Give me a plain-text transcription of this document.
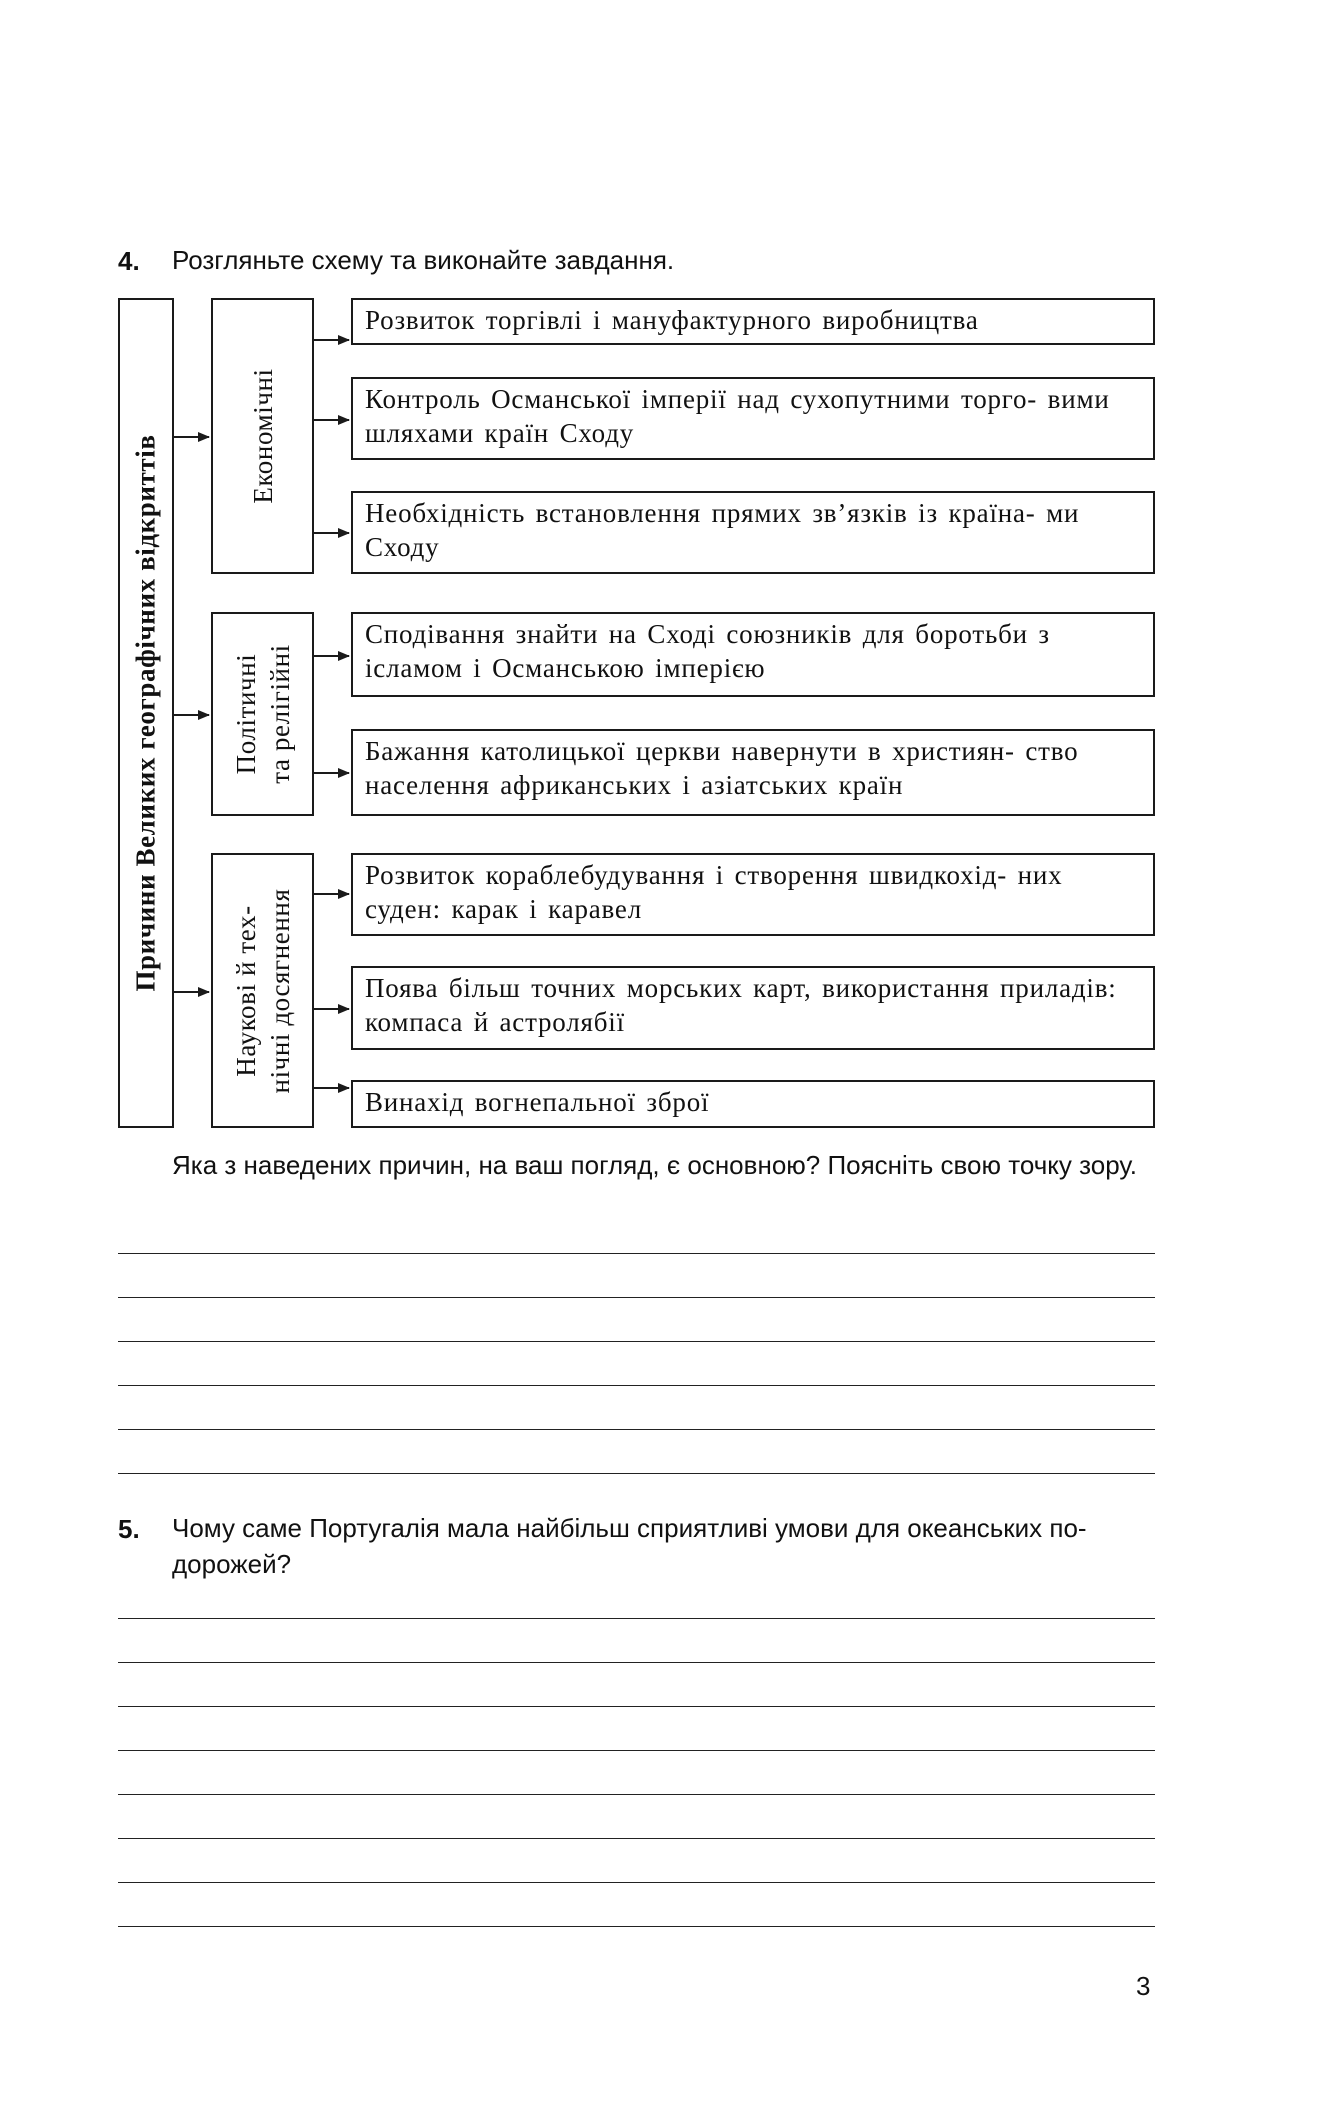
4. Розгляньте схему та виконайте завдання.
Причини Великих географічних відкриттів	Економічні
Політичні та релігійні
Наукові й тех- нічні досягнення
Розвиток торгівлі і мануфактурного виробництва
Контроль Османської імперії над сухопутними торго- вими шляхами країн Сходу
Необхідність встановлення прямих зв’язків із країна- ми Сходу
Сподівання знайти на Сході союзників для боротьби з ісламом і Османською імперією
Бажання католицької церкви навернути в християн- ство населення африканських і азіатських країн
Розвиток кораблебудування і створення швидкохід- них суден: карак і каравел
Поява більш точних морських карт, використання приладів: компаса й астролябії
Винахід вогнепальної зброї
Яка з наведених причин, на ваш погляд, є основною? Поясніть свою точку зору.
5. Чому саме Португалія мала найбільш сприятливі умови для океанських по- дорожей?
3
